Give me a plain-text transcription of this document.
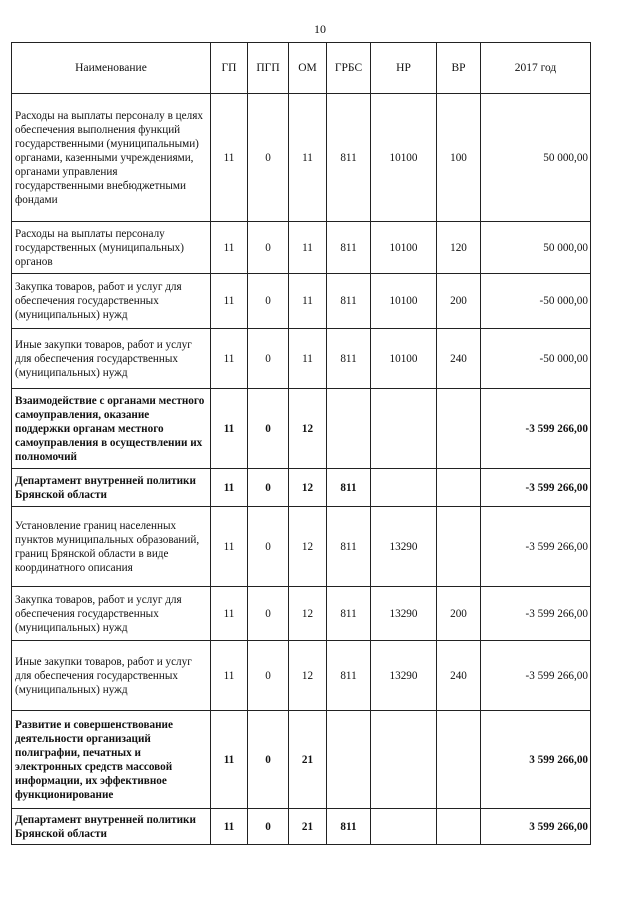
10
Наименование	ГП	ПГП	ОМ	ГРБС	НР	ВР	2017 год
Расходы на выплаты персоналу в целях обеспечения выполнения функций государственными (муниципальными) органами, казенными учреждениями, органами управления государственными внебюджетными фондами	11	0	11	811	10100	100	50 000,00
Расходы на выплаты персоналу государственных (муниципальных) органов	11	0	11	811	10100	120	50 000,00
Закупка товаров, работ и услуг для обеспечения государственных (муниципальных) нужд	11	0	11	811	10100	200	-50 000,00
Иные закупки товаров, работ и услуг для обеспечения государственных (муниципальных) нужд	11	0	11	811	10100	240	-50 000,00
Взаимодействие с органами местного самоуправления, оказание поддержки органам местного самоуправления в осуществлении их полномочий	11	0	12				-3 599 266,00
Департамент внутренней политики Брянской области	11	0	12	811			-3 599 266,00
Установление границ населенных пунктов муниципальных образований, границ Брянской области в виде координатного описания	11	0	12	811	13290		-3 599 266,00
Закупка товаров, работ и услуг для обеспечения государственных (муниципальных) нужд	11	0	12	811	13290	200	-3 599 266,00
Иные закупки товаров, работ и услуг для обеспечения государственных (муниципальных) нужд	11	0	12	811	13290	240	-3 599 266,00
Развитие и совершенствование деятельности организаций полиграфии, печатных и электронных средств массовой информации, их эффективное функционирование	11	0	21				3 599 266,00
Департамент внутренней политики Брянской области	11	0	21	811			3 599 266,00
